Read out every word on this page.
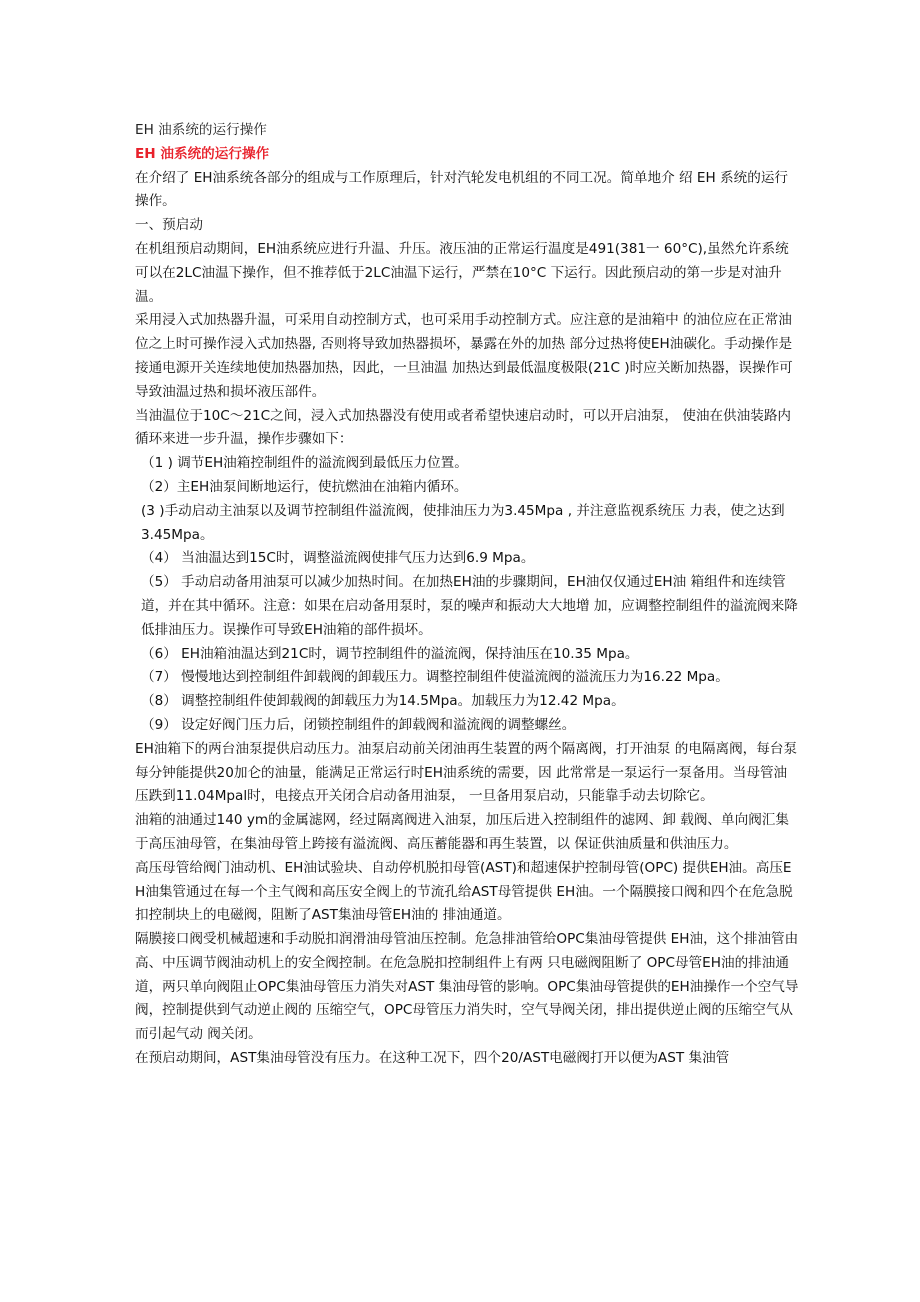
EH 油系统的运行操作

EH 油系统的运行操作

在介绍了 EH油系统各部分的组成与工作原理后，针对汽轮发电机组的不同工况。简单地介 绍 EH 系统的运行操作。

一、预启动

在机组预启动期间，EH油系统应进行升温、升压。液压油的正常运行温度是491(381一 60°C),虽然允许系统可以在2LC油温下操作，但不推荐低于2LC油温下运行，严禁在10°C 下运行。因此预启动的第一步是对油升温。

采用浸入式加热器升温，可采用自动控制方式，也可采用手动控制方式。应注意的是油箱中 的油位应在正常油位之上时可操作浸入式加热器, 否则将导致加热器损坏，暴露在外的加热 部分过热将使EH油碳化。手动操作是接通电源开关连续地使加热器加热，因此，一旦油温 加热达到最低温度极限(21C )时应关断加热器，误操作可导致油温过热和损坏液压部件。

当油温位于10C〜21C之间，浸入式加热器没有使用或者希望快速启动时，可以开启油泵， 使油在供油装路内循环来进一步升温，操作步骤如下：

（1 ) 调节EH油箱控制组件的溢流阀到最低压力位置。

（2）主EH油泵间断地运行，使抗燃油在油箱内循环。

(3 )手动启动主油泵以及调节控制组件溢流阀，使排油压力为3.45Mpa , 并注意监视系统压 力表，使之达到 3.45Mpa。

（4） 当油温达到15C时，调整溢流阀使排气压力达到6.9 Mpa。

（5） 手动启动备用油泵可以减少加热时间。在加热EH油的步骤期间，EH油仅仅通过EH油 箱组件和连续管道，并在其中循环。注意：如果在启动备用泵时，泵的噪声和振动大大地增 加，应调整控制组件的溢流阀来降低排油压力。误操作可导致EH油箱的部件损坏。

（6） EH油箱油温达到21C时，调节控制组件的溢流阀，保持油压在10.35 Mpa。

（7） 慢慢地达到控制组件卸载阀的卸载压力。调整控制组件使溢流阀的溢流压力为16.22 Mpa。

（8） 调整控制组件使卸载阀的卸载压力为14.5Mpa。加载压力为12.42 Mpa。

（9） 设定好阀门压力后，闭锁控制组件的卸载阀和溢流阀的调整螺丝。

EH油箱下的两台油泵提供启动压力。油泵启动前关闭油再生装置的两个隔离阀，打开油泵 的电隔离阀，每台泵每分钟能提供20加仑的油量，能满足正常运行时EH油系统的需要，因 此常常是一泵运行一泵备用。当母管油压跌到11.04Mpal时，电接点开关闭合启动备用油泵， 一旦备用泵启动，只能靠手动去切除它。

油箱的油通过140 ym的金属滤网，经过隔离阀进入油泵，加压后进入控制组件的滤网、卸 载阀、单向阀汇集于高压油母管，在集油母管上跨接有溢流阀、高压蓄能器和再生装置，以 保证供油质量和供油压力。

高压母管给阀门油动机、EH油试验块、自动停机脱扣母管(AST)和超速保护控制母管(OPC) 提供EH油。高压EH油集管通过在每一个主气阀和高压安全阀上的节流孔给AST母管提供 EH油。一个隔膜接口阀和四个在危急脱扣控制块上的电磁阀，阻断了AST集油母管EH油的 排油通道。

隔膜接口阀受机械超速和手动脱扣润滑油母管油压控制。危急排油管给OPC集油母管提供 EH油，这个排油管由高、中压调节阀油动机上的安全阀控制。在危急脱扣控制组件上有两 只电磁阀阻断了 OPC母管EH油的排油通道，两只单向阀阻止OPC集油母管压力消失对AST 集油母管的影响。OPC集油母管提供的EH油操作一个空气导阀，控制提供到气动逆止阀的 压缩空气，OPC母管压力消失时，空气导阀关闭，排出提供逆止阀的压缩空气从而引起气动 阀关闭。

在预启动期间，AST集油母管没有压力。在这种工况下，四个20/AST电磁阀打开以便为AST 集油管
